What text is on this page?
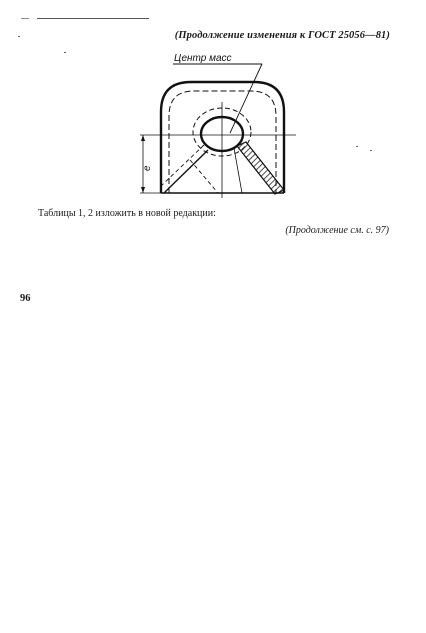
(Продолжение изменения к ГОСТ 25056—81)
Центр масс
e
Таблицы 1, 2 изложить в новой редакции:
(Продолжение см. с. 97)
96
